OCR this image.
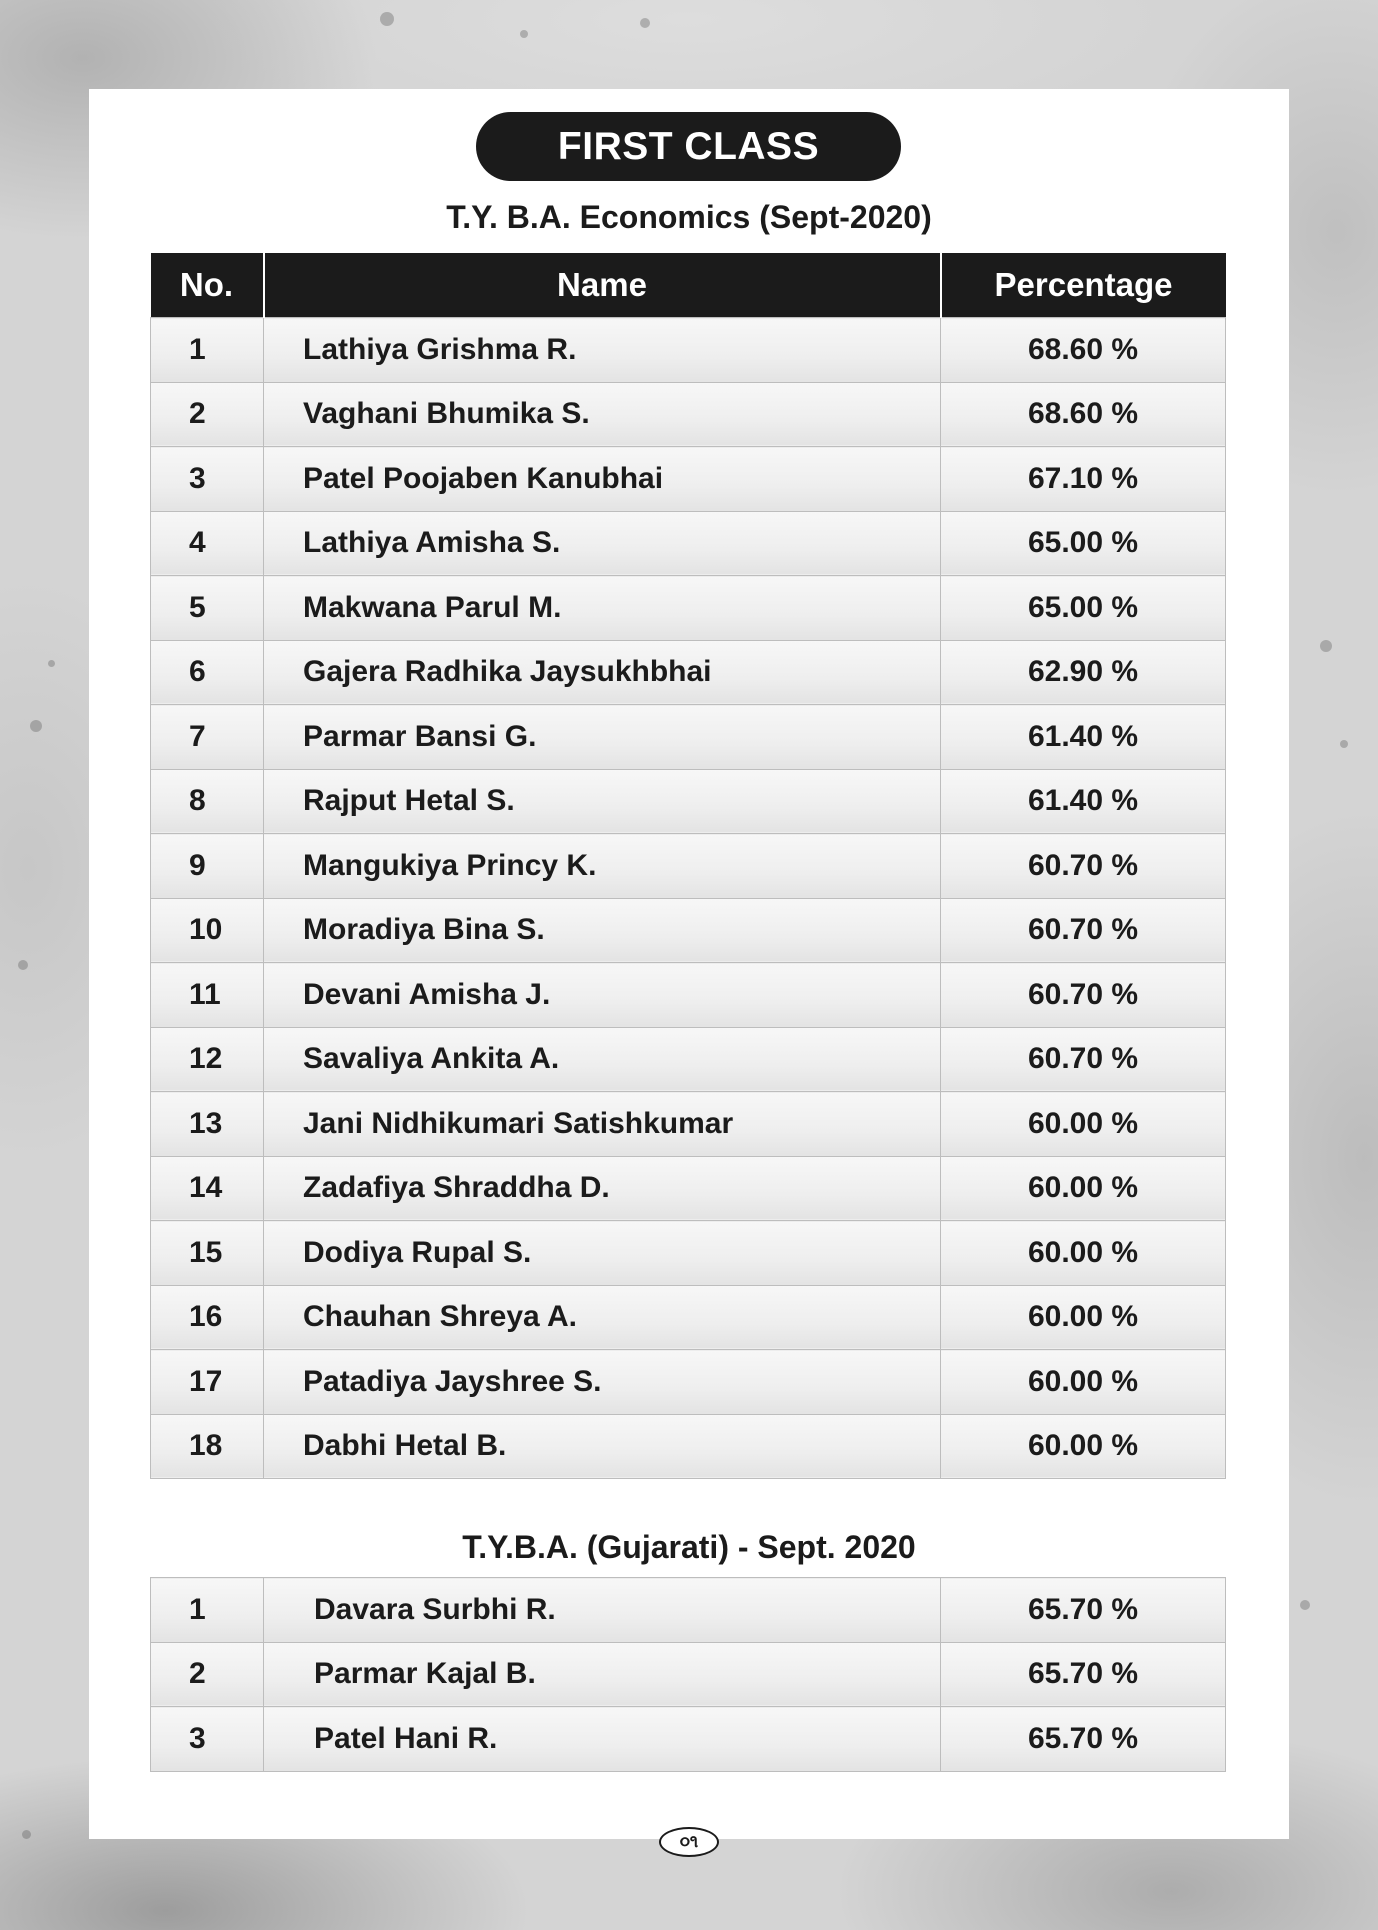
FIRST CLASS
T.Y. B.A. Economics (Sept-2020)
No.	Name	Percentage
1	Lathiya Grishma R.	68.60 %
2	Vaghani Bhumika S.	68.60 %
3	Patel Poojaben Kanubhai	67.10 %
4	Lathiya Amisha S.	65.00 %
5	Makwana Parul M.	65.00 %
6	Gajera Radhika Jaysukhbhai	62.90 %
7	Parmar Bansi G.	61.40 %
8	Rajput Hetal S.	61.40 %
9	Mangukiya Princy K.	60.70 %
10	Moradiya Bina S.	60.70 %
11	Devani Amisha J.	60.70 %
12	Savaliya Ankita A.	60.70 %
13	Jani Nidhikumari Satishkumar	60.00 %
14	Zadafiya Shraddha D.	60.00 %
15	Dodiya Rupal S.	60.00 %
16	Chauhan Shreya A.	60.00 %
17	Patadiya Jayshree S.	60.00 %
18	Dabhi Hetal B.	60.00 %
T.Y.B.A. (Gujarati) - Sept. 2020
1	Davara Surbhi R.	65.70 %
2	Parmar Kajal B.	65.70 %
3	Patel Hani R.	65.70 %
૦૧
